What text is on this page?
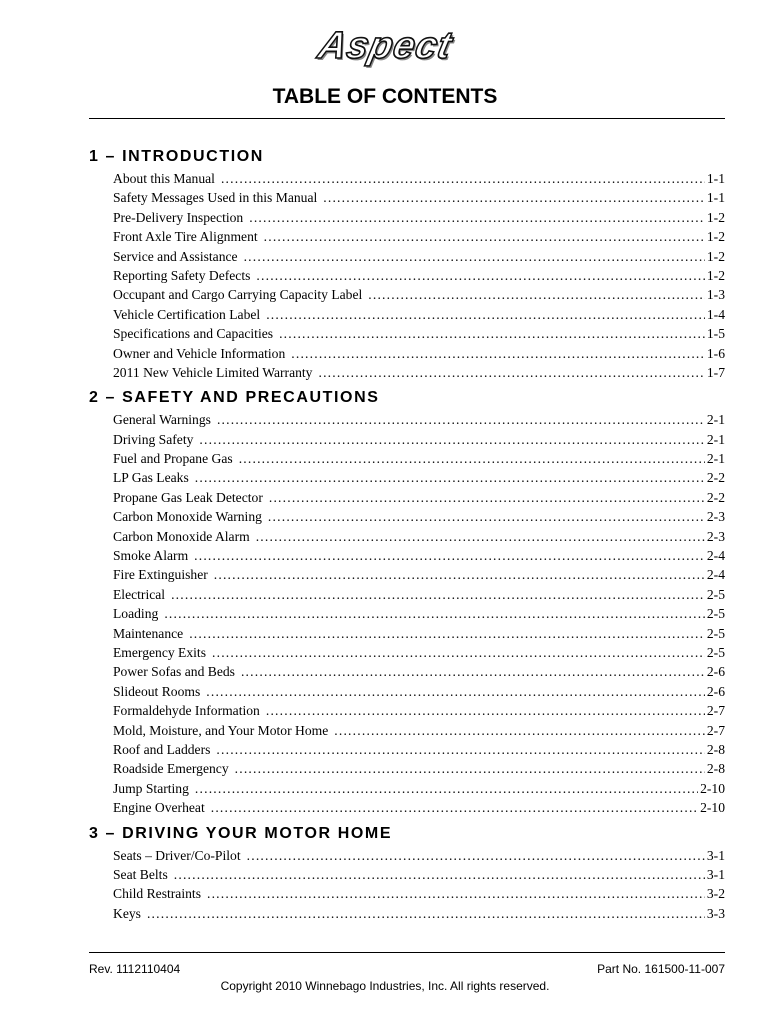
Aspect
TABLE OF CONTENTS
1 – INTRODUCTION
About this Manual .....	1-1
Safety Messages Used in this Manual .....	1-1
Pre-Delivery Inspection .....	1-2
Front Axle Tire Alignment .....	1-2
Service and Assistance .....	1-2
Reporting Safety Defects .....	1-2
Occupant and Cargo Carrying Capacity Label .....	1-3
Vehicle Certification Label .....	1-4
Specifications and Capacities .....	1-5
Owner and Vehicle Information .....	1-6
2011 New Vehicle Limited Warranty .....	1-7
2 – SAFETY AND PRECAUTIONS
General Warnings .....	2-1
Driving Safety .....	2-1
Fuel and Propane Gas .....	2-1
LP Gas Leaks .....	2-2
Propane Gas Leak Detector .....	2-2
Carbon Monoxide Warning .....	2-3
Carbon Monoxide Alarm .....	2-3
Smoke Alarm .....	2-4
Fire Extinguisher .....	2-4
Electrical .....	2-5
Loading .....	2-5
Maintenance .....	2-5
Emergency Exits .....	2-5
Power Sofas and Beds .....	2-6
Slideout Rooms .....	2-6
Formaldehyde Information .....	2-7
Mold, Moisture, and Your Motor Home .....	2-7
Roof and Ladders .....	2-8
Roadside Emergency .....	2-8
Jump Starting .....	2-10
Engine Overheat .....	2-10
3 – DRIVING YOUR MOTOR HOME
Seats – Driver/Co-Pilot .....	3-1
Seat Belts .....	3-1
Child Restraints .....	3-2
Keys .....	3-3
Rev. 1112110404	Part No. 161500-11-007
Copyright 2010 Winnebago Industries, Inc. All rights reserved.
